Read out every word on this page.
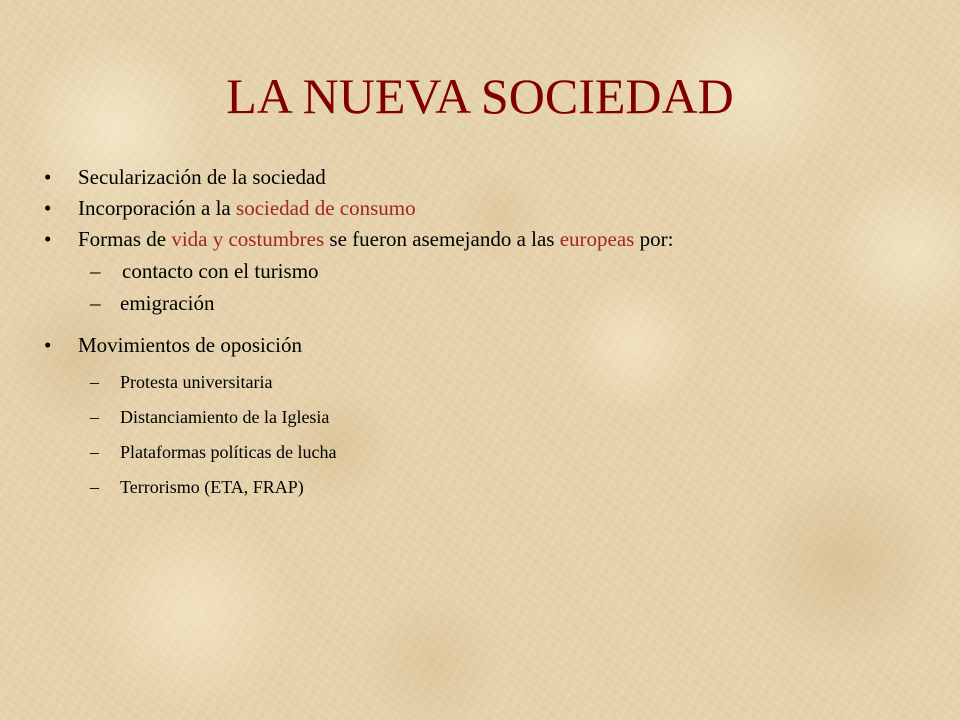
LA NUEVA SOCIEDAD
•	Secularización de la sociedad
•	Incorporación a la sociedad de consumo
•	Formas de vida y costumbres se fueron asemejando a las europeas por:
– contacto con el turismo
– emigración
•	Movimientos de oposición
– Protesta universitaria
– Distanciamiento de la Iglesia
– Plataformas políticas de lucha
– Terrorismo (ETA, FRAP)
